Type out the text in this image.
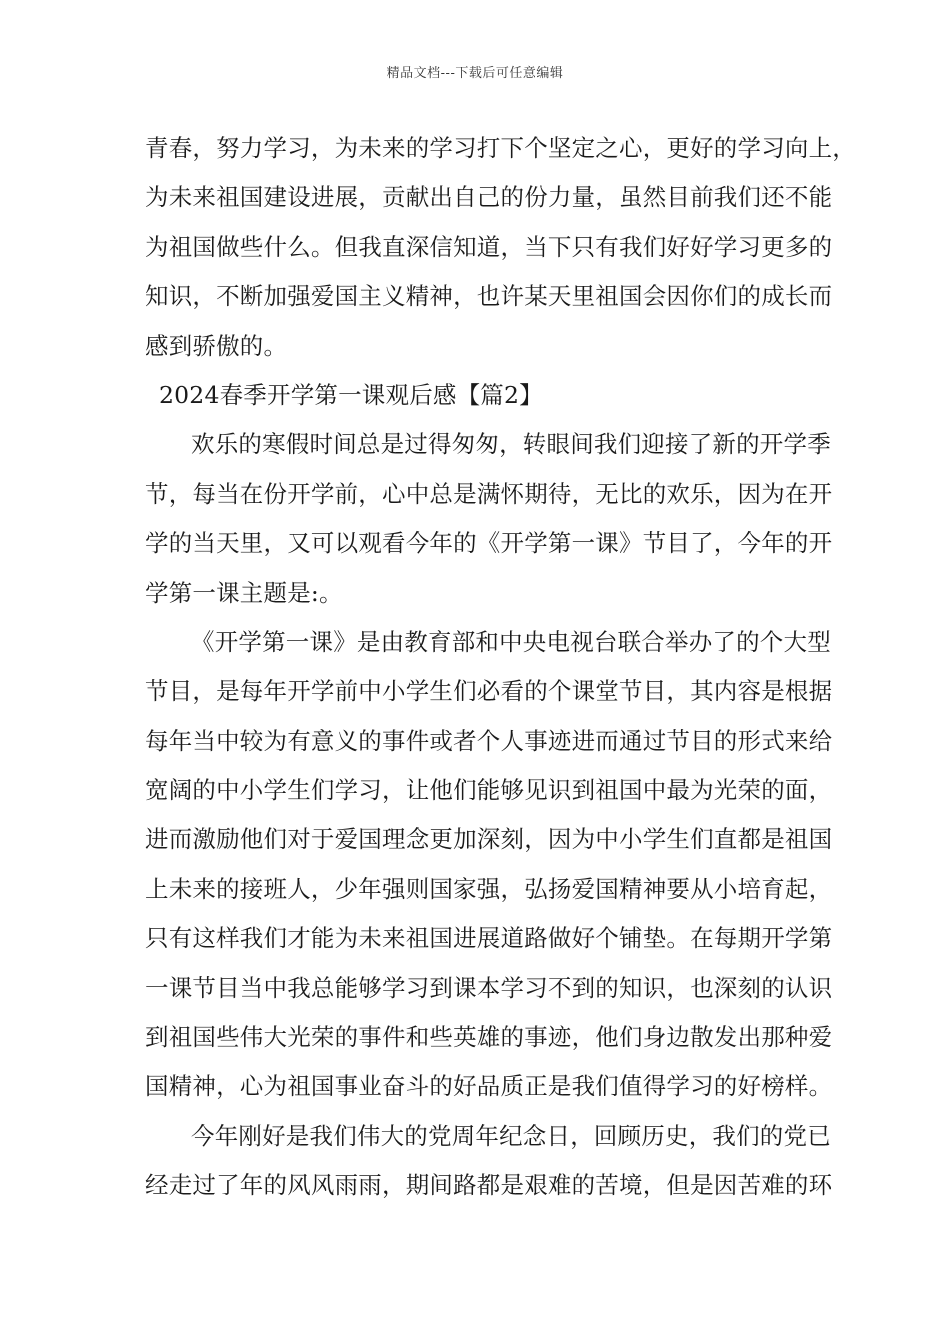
精品文档---下载后可任意编辑
青春，努力学习，为未来的学习打下个坚定之心，更好的学习向上，
为未来祖国建设进展，贡献出自己的份力量，虽然目前我们还不能
为祖国做些什么。但我直深信知道，当下只有我们好好学习更多的
知识，不断加强爱国主义精神，也许某天里祖国会因你们的成长而
感到骄傲的。
2024春季开学第一课观后感【篇2】
欢乐的寒假时间总是过得匆匆，转眼间我们迎接了新的开学季
节，每当在份开学前，心中总是满怀期待，无比的欢乐，因为在开
学的当天里，又可以观看今年的《开学第一课》节目了，今年的开
学第一课主题是:。
《开学第一课》是由教育部和中央电视台联合举办了的个大型
节目，是每年开学前中小学生们必看的个课堂节目，其内容是根据
每年当中较为有意义的事件或者个人事迹进而通过节目的形式来给
宽阔的中小学生们学习，让他们能够见识到祖国中最为光荣的面，
进而激励他们对于爱国理念更加深刻，因为中小学生们直都是祖国
上未来的接班人，少年强则国家强，弘扬爱国精神要从小培育起，
只有这样我们才能为未来祖国进展道路做好个铺垫。在每期开学第
一课节目当中我总能够学习到课本学习不到的知识，也深刻的认识
到祖国些伟大光荣的事件和些英雄的事迹，他们身边散发出那种爱
国精神，心为祖国事业奋斗的好品质正是我们值得学习的好榜样。
今年刚好是我们伟大的党周年纪念日，回顾历史，我们的党已
经走过了年的风风雨雨，期间路都是艰难的苦境，但是因苦难的环
